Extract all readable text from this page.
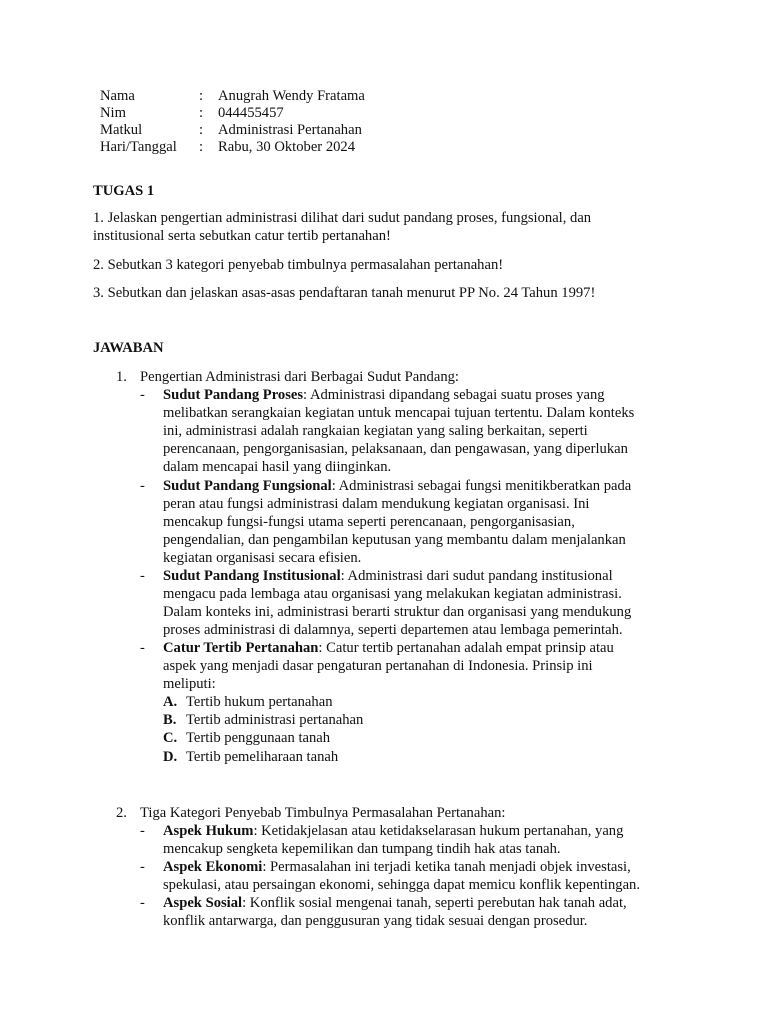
Nama	: Anugrah Wendy Fratama
Nim	: 044455457
Matkul	: Administrasi Pertanahan
Hari/Tanggal : Rabu, 30 Oktober 2024
TUGAS 1
1. Jelaskan pengertian administrasi dilihat dari sudut pandang proses, fungsional, dan
institusional serta sebutkan catur tertib pertanahan!
2. Sebutkan 3 kategori penyebab timbulnya permasalahan pertanahan!
3. Sebutkan dan jelaskan asas-asas pendaftaran tanah menurut PP No. 24 Tahun 1997!
JAWABAN
1. Pengertian Administrasi dari Berbagai Sudut Pandang:
- Sudut Pandang Proses: Administrasi dipandang sebagai suatu proses yang
melibatkan serangkaian kegiatan untuk mencapai tujuan tertentu. Dalam konteks
ini, administrasi adalah rangkaian kegiatan yang saling berkaitan, seperti
perencanaan, pengorganisasian, pelaksanaan, dan pengawasan, yang diperlukan
dalam mencapai hasil yang diinginkan.
- Sudut Pandang Fungsional: Administrasi sebagai fungsi menitikberatkan pada
peran atau fungsi administrasi dalam mendukung kegiatan organisasi. Ini
mencakup fungsi-fungsi utama seperti perencanaan, pengorganisasian,
pengendalian, dan pengambilan keputusan yang membantu dalam menjalankan
kegiatan organisasi secara efisien.
- Sudut Pandang Institusional: Administrasi dari sudut pandang institusional
mengacu pada lembaga atau organisasi yang melakukan kegiatan administrasi.
Dalam konteks ini, administrasi berarti struktur dan organisasi yang mendukung
proses administrasi di dalamnya, seperti departemen atau lembaga pemerintah.
- Catur Tertib Pertanahan: Catur tertib pertanahan adalah empat prinsip atau
aspek yang menjadi dasar pengaturan pertanahan di Indonesia. Prinsip ini
meliputi:
A. Tertib hukum pertanahan
B. Tertib administrasi pertanahan
C. Tertib penggunaan tanah
D. Tertib pemeliharaan tanah
2. Tiga Kategori Penyebab Timbulnya Permasalahan Pertanahan:
- Aspek Hukum: Ketidakjelasan atau ketidakselarasan hukum pertanahan, yang
mencakup sengketa kepemilikan dan tumpang tindih hak atas tanah.
- Aspek Ekonomi: Permasalahan ini terjadi ketika tanah menjadi objek investasi,
spekulasi, atau persaingan ekonomi, sehingga dapat memicu konflik kepentingan.
- Aspek Sosial: Konflik sosial mengenai tanah, seperti perebutan hak tanah adat,
konflik antarwarga, dan penggusuran yang tidak sesuai dengan prosedur.
